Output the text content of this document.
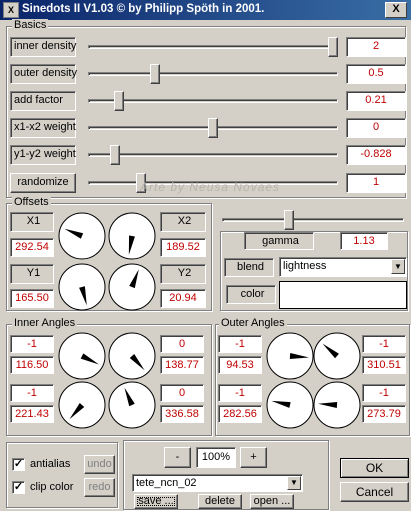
X Sinedots II V1.03 © by Philipp Spöth in 2001.	X
Basics
inner density	2
outer density	0.5
add factor	0.21
x1-x2 weight	0
y1-y2 weight	-0.828
randomize	1
Arte by Neusa Novaes
Offsets
X1
292.54
X2
189.52
Y1
165.50
Y2
20.94
gamma	1.13
blend	lightness	▼
color
Inner Angles
-1
116.50
0
138.77
-1
221.43
0
336.58
Outer Angles
-1
94.53
-1
310.51
-1
282.56
-1
273.79
✓ antialias
✓ clip color
undo
redo
-	100%	+
tete_ncn_02	▼
save ...	delete	open ...
OK
Cancel
